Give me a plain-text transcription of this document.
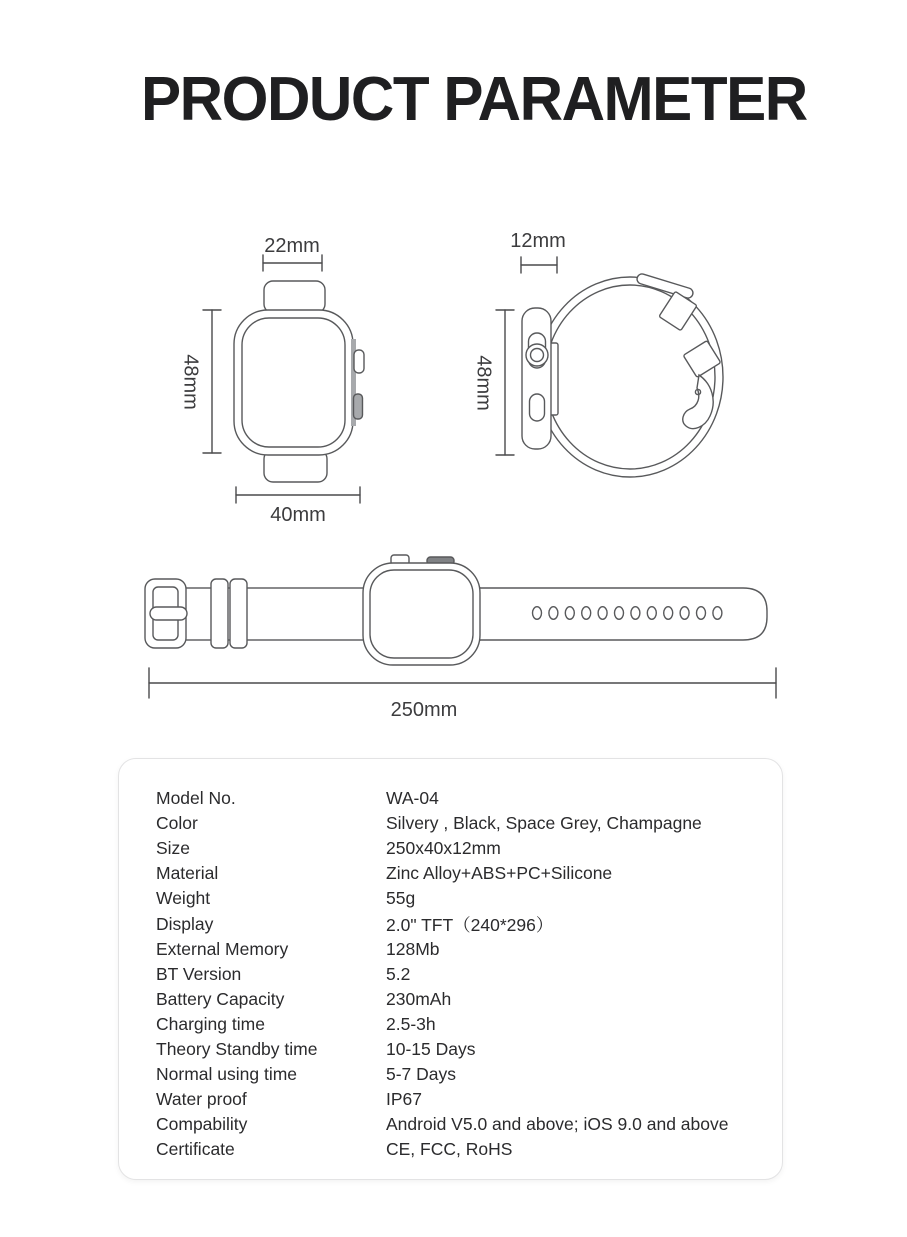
PRODUCT PARAMETER
22mm
48mm
40mm
12mm
48mm
250mm
Model No.	WA-04
Color	Silvery , Black, Space Grey, Champagne
Size	250x40x12mm
Material	Zinc Alloy+ABS+PC+Silicone
Weight	55g
Display	2.0" TFT（240*296）
External Memory	128Mb
BT Version	5.2
Battery Capacity	230mAh
Charging time	2.5-3h
Theory Standby time	10-15 Days
Normal using time	5-7 Days
Water proof	IP67
Compability	Android V5.0 and above; iOS 9.0 and above
Certificate	CE, FCC, RoHS
